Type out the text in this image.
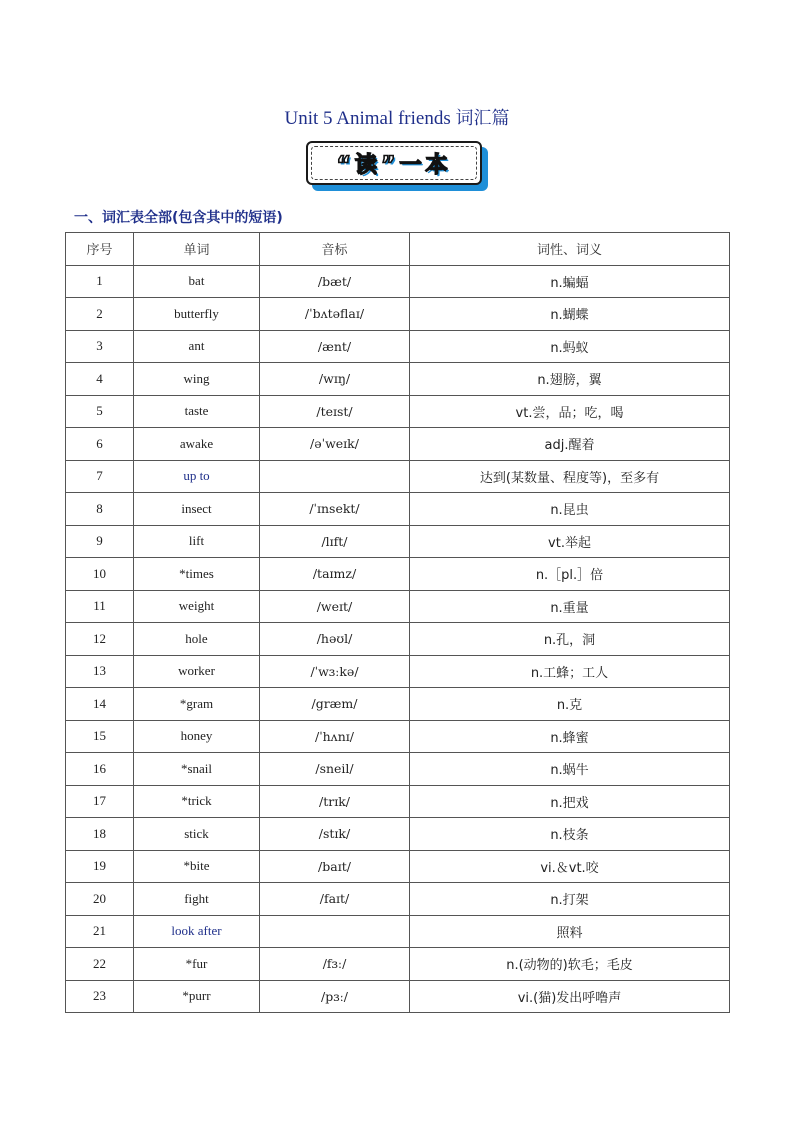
Unit 5 Animal friends 词汇篇
“读”一本
一、词汇表全部(包含其中的短语)
序号	单词	音标	词性、词义
1	bat	/bæt/	n.蝙蝠
2	butterfly	/ˈbʌtəflaɪ/	n.蝴蝶
3	ant	/ænt/	n.蚂蚁
4	wing	/wɪŋ/	n.翅膀，翼
5	taste	/teɪst/	vt.尝，品；吃，喝
6	awake	/əˈweɪk/	adj.醒着
7	up to		达到(某数量、程度等)，至多有
8	insect	/ˈɪnsekt/	n.昆虫
9	lift	/lɪft/	vt.举起
10	*times	/taɪmz/	n.［pl.］倍
11	weight	/weɪt/	n.重量
12	hole	/həʊl/	n.孔，洞
13	worker	/ˈwɜːkə/	n.工蜂；工人
14	*gram	/græm/	n.克
15	honey	/ˈhʌnɪ/	n.蜂蜜
16	*snail	/sneil/	n.蜗牛
17	*trick	/trɪk/	n.把戏
18	stick	/stɪk/	n.枝条
19	*bite	/baɪt/	vi.＆vt.咬
20	fight	/faɪt/	n.打架
21	look after		照料
22	*fur	/fɜː/	n.(动物的)软毛；毛皮
23	*purr	/pɜː/	vi.(猫)发出呼噜声
